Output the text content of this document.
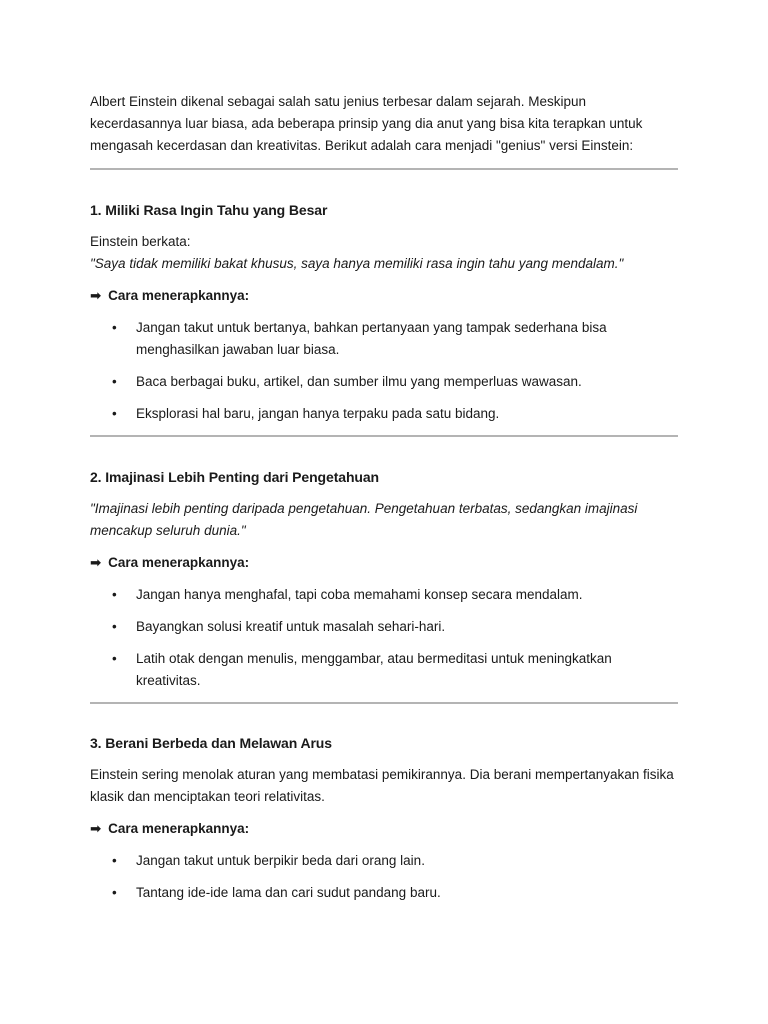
Albert Einstein dikenal sebagai salah satu jenius terbesar dalam sejarah. Meskipun kecerdasannya luar biasa, ada beberapa prinsip yang dia anut yang bisa kita terapkan untuk mengasah kecerdasan dan kreativitas. Berikut adalah cara menjadi "genius" versi Einstein:

1. Miliki Rasa Ingin Tahu yang Besar

Einstein berkata:

"Saya tidak memiliki bakat khusus, saya hanya memiliki rasa ingin tahu yang mendalam."

➡ Cara menerapkannya:

• Jangan takut untuk bertanya, bahkan pertanyaan yang tampak sederhana bisa menghasilkan jawaban luar biasa.
• Baca berbagai buku, artikel, dan sumber ilmu yang memperluas wawasan.
• Eksplorasi hal baru, jangan hanya terpaku pada satu bidang.
2. Imajinasi Lebih Penting dari Pengetahuan

"Imajinasi lebih penting daripada pengetahuan. Pengetahuan terbatas, sedangkan imajinasi mencakup seluruh dunia."

➡ Cara menerapkannya:

• Jangan hanya menghafal, tapi coba memahami konsep secara mendalam.
• Bayangkan solusi kreatif untuk masalah sehari-hari.
• Latih otak dengan menulis, menggambar, atau bermeditasi untuk meningkatkan kreativitas.
3. Berani Berbeda dan Melawan Arus

Einstein sering menolak aturan yang membatasi pemikirannya. Dia berani mempertanyakan fisika klasik dan menciptakan teori relativitas.

➡ Cara menerapkannya:

• Jangan takut untuk berpikir beda dari orang lain.
• Tantang ide-ide lama dan cari sudut pandang baru.
